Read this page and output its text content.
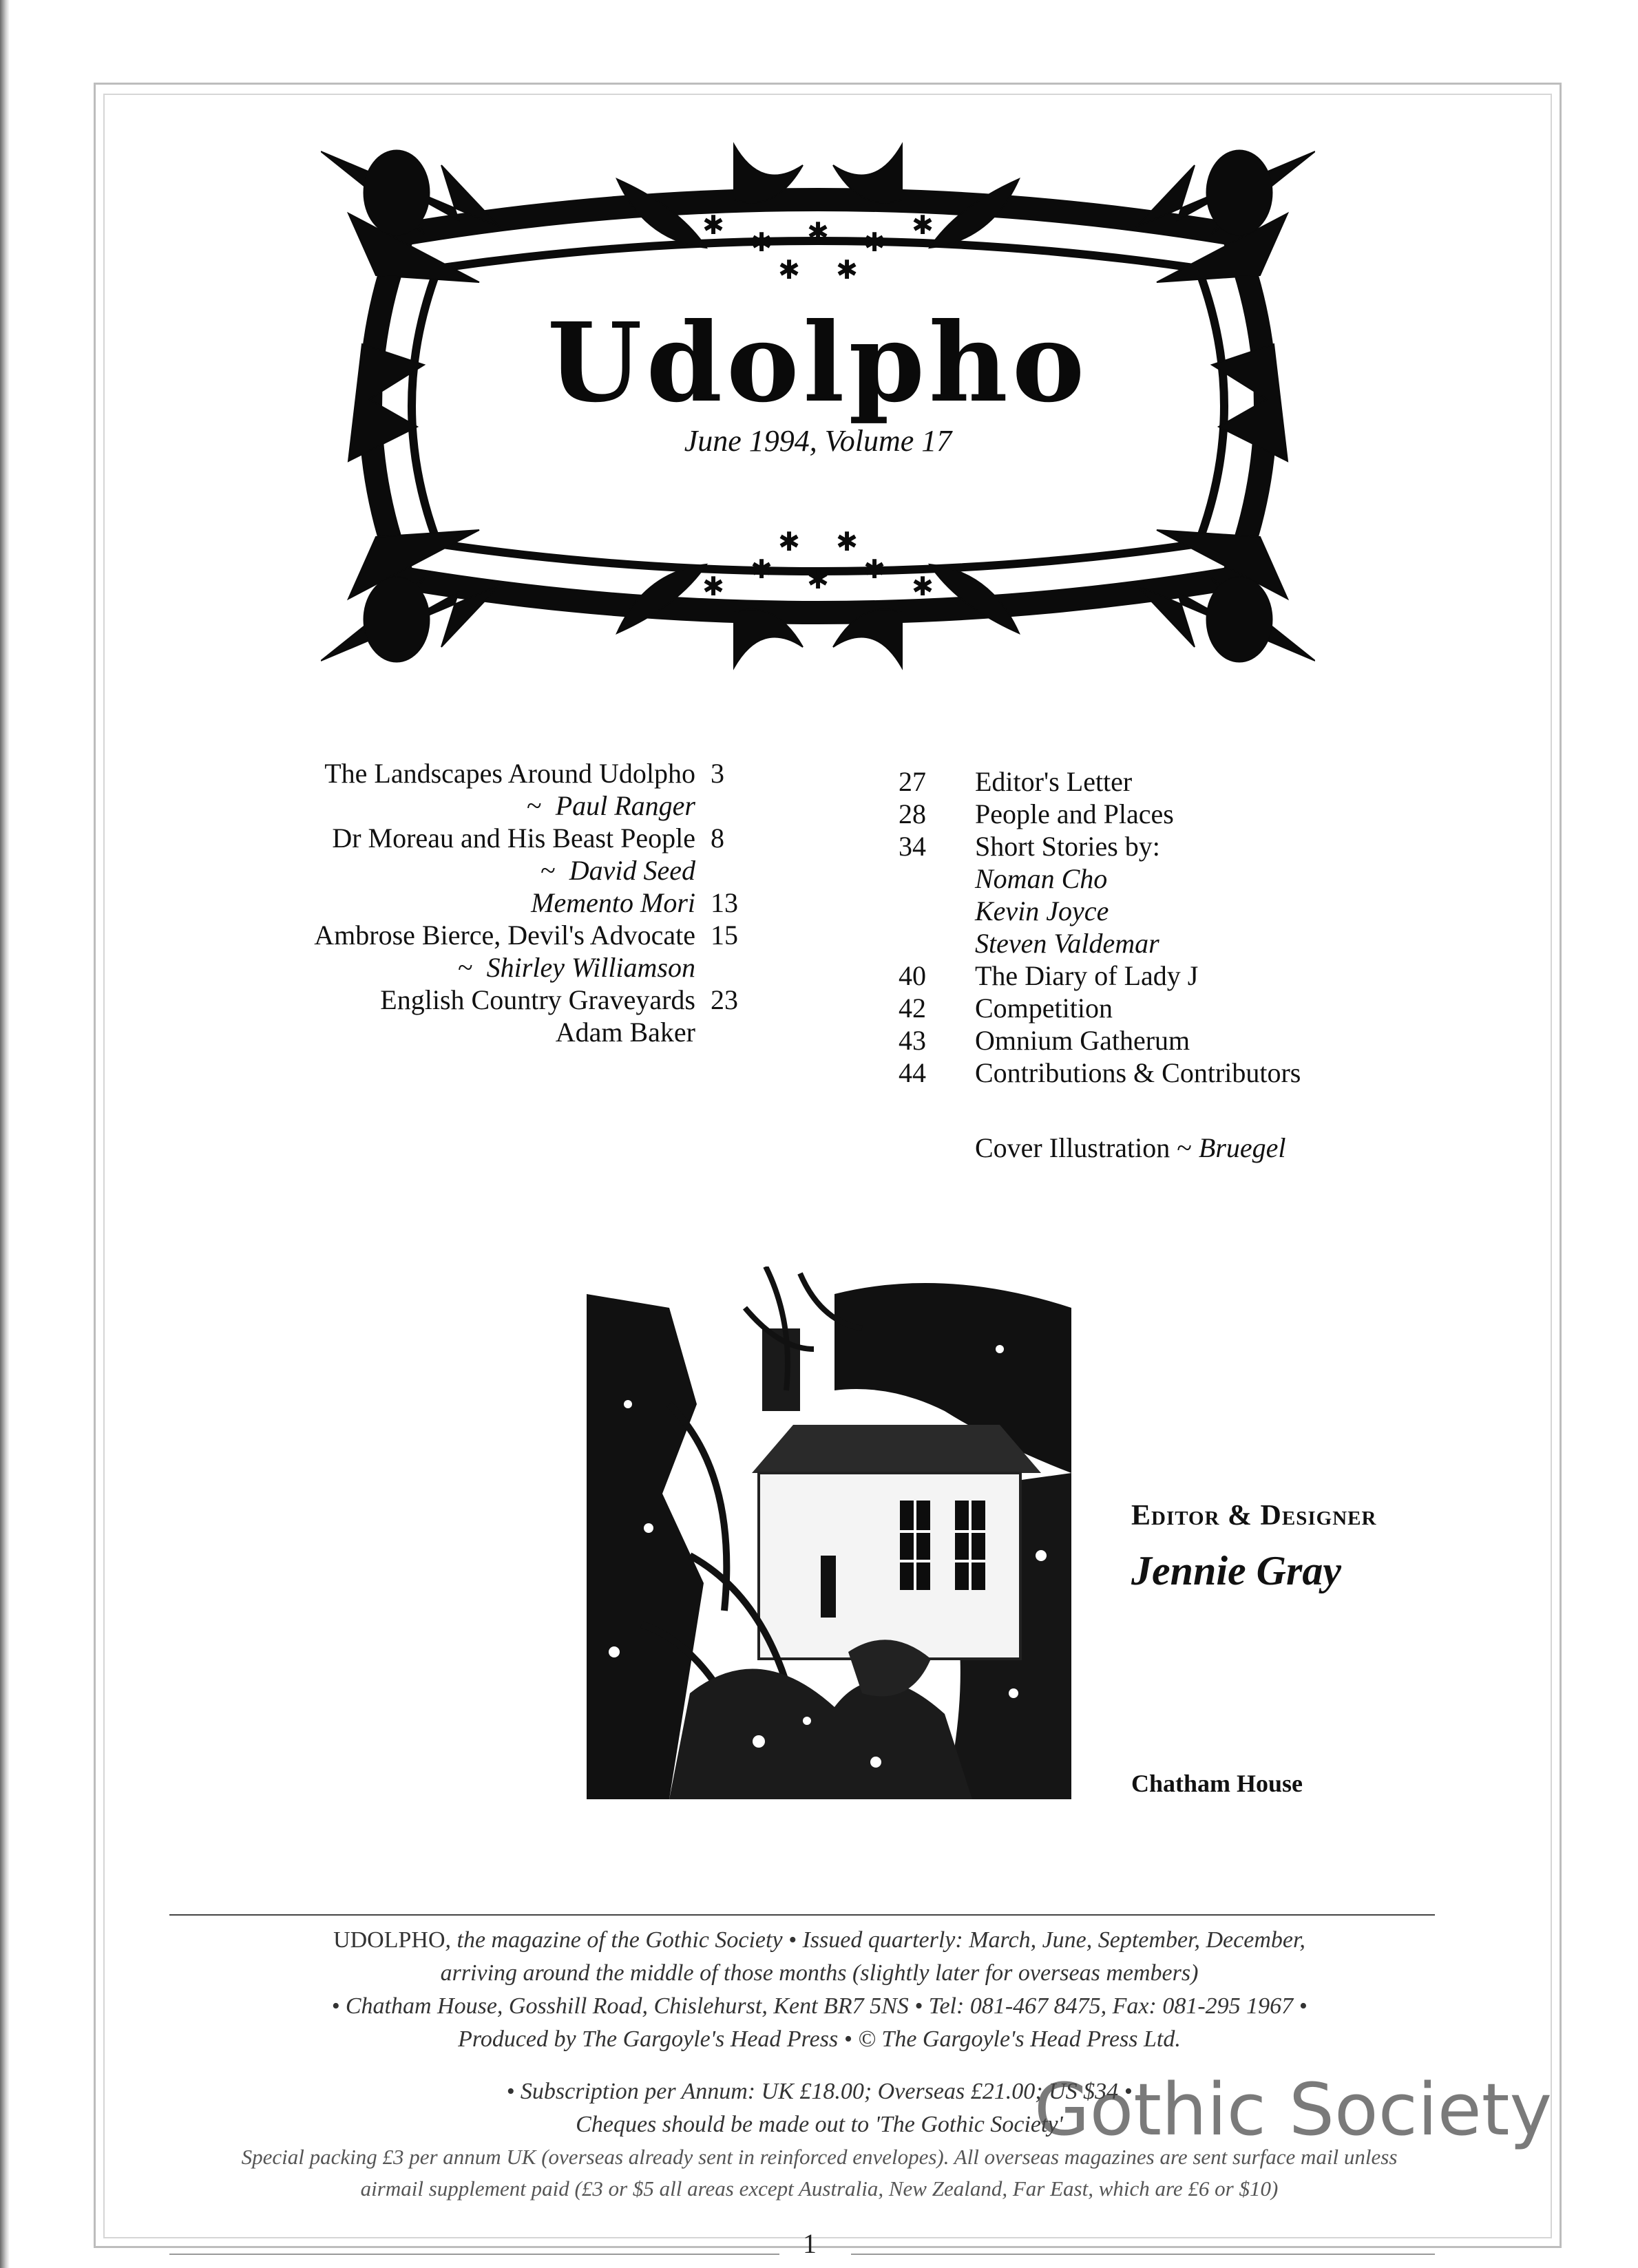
✱
✱ ✱ ✱
✱
✱ ✱
✱
✱ ✱ ✱
✱
✱ ✱
Udolpho

June 1994, Volume 17

The Landscapes Around Udolpho 3
~ Paul Ranger
Dr Moreau and His Beast People 8
~ David Seed
Memento Mori 13
Ambrose Bierce, Devil's Advocate 15
~ Shirley Williamson
English Country Graveyards 23
Adam Baker
27	Editor's Letter
28	People and Places
34	Short Stories by:
Noman Cho
Kevin Joyce
Steven Valdemar
40	The Diary of Lady J
42	Competition
43	Omnium Gatherum
44	Contributions & Contributors
Cover Illustration ~ Bruegel
Editor & Designer
Jennie Gray
Chatham House

UDOLPHO, the magazine of the Gothic Society • Issued quarterly: March, June, September, December,

arriving around the middle of those months (slightly later for overseas members)

• Chatham House, Gosshill Road, Chislehurst, Kent BR7 5NS • Tel: 081-467 8475, Fax: 081-295 1967 •

Produced by The Gargoyle's Head Press • © The Gargoyle's Head Press Ltd.

• Subscription per Annum: UK £18.00; Overseas £21.00; US $34 •

Cheques should be made out to 'The Gothic Society'

Special packing £3 per annum UK (overseas already sent in reinforced envelopes). All overseas magazines are sent surface mail unless

airmail supplement paid (£3 or $5 all areas except Australia, New Zealand, Far East, which are £6 or $10)

Gothic Society
1
